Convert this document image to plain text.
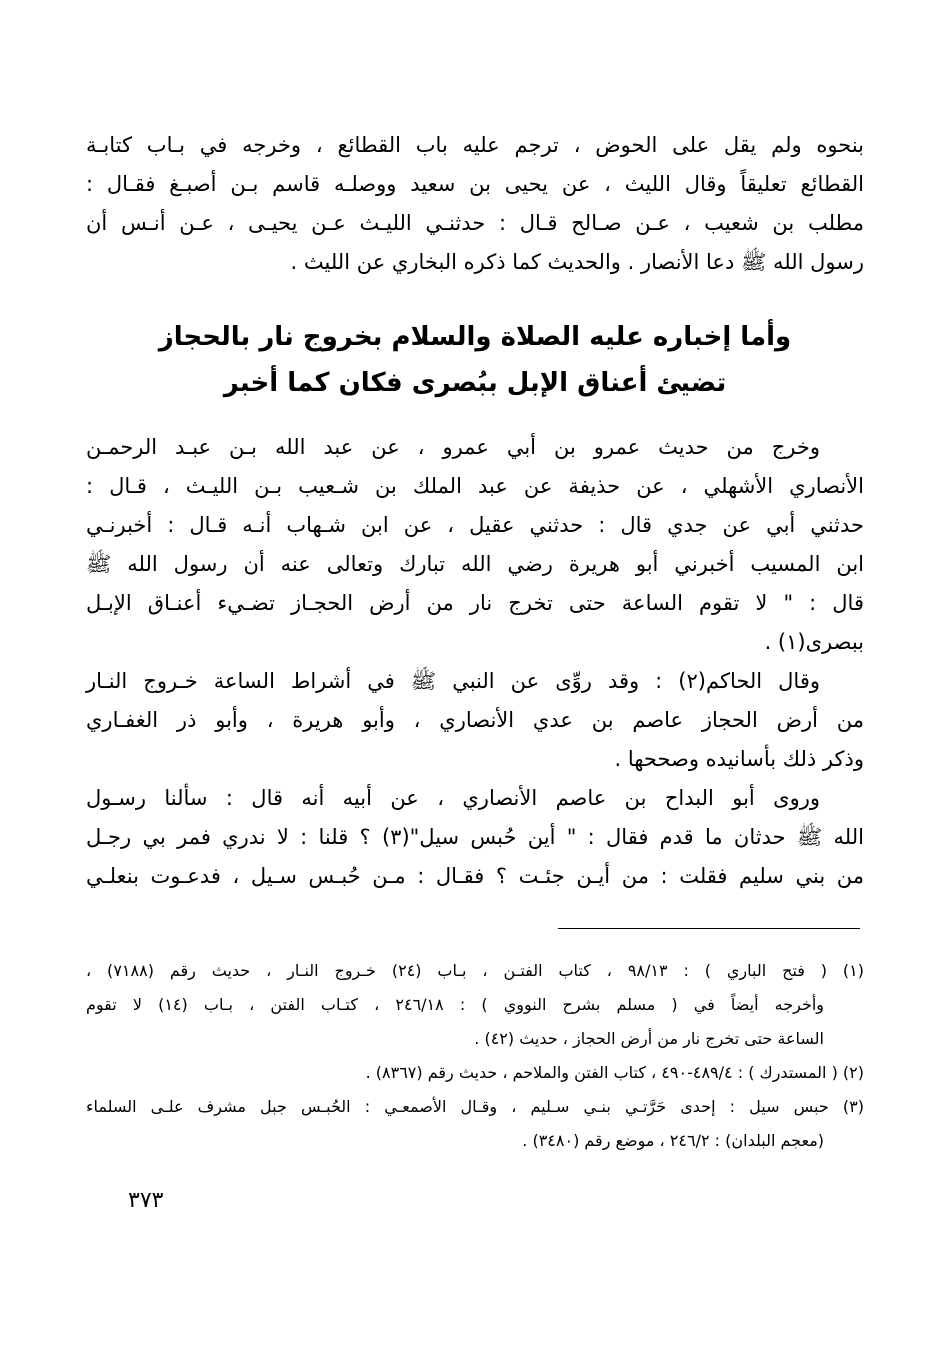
بنحوه ولم يقل على الحوض ، ترجم عليه باب القطائع ، وخرجه في بـاب كتابـة
القطائع تعليقاً وقال الليث ، عن يحيى بن سعيد ووصلـه قاسم بـن أصبـغ فقـال :
مطلب بن شعيب ، عـن صـالح قـال : حدثنـي الليـث عـن يحيـى ، عـن أنـس أن
رسول الله ﷺ دعا الأنصار . والحديث كما ذكره البخاري عن الليث .
وأما إخباره عليه الصلاة والسلام بخروج نار بالحجاز
تضيئ أعناق الإبل ببُصرى فكان كما أخبر
وخرج من حديث عمرو بن أبي عمرو ، عن عبد الله بـن عبـد الرحمـن
الأنصاري الأشهلي ، عن حذيفة عن عبد الملك بن شـعيب بـن الليـث ، قـال :
حدثني أبي عن جدي قال : حدثني عقيل ، عن ابن شـهاب أنـه قـال : أخبرنـي
ابن المسيب أخبرني أبو هريرة رضي الله تبارك وتعالى عنه أن رسول الله ﷺ
قال : " لا تقوم الساعة حتى تخرج نار من أرض الحجـاز تضـيء أعنـاق الإبـل
ببصرى(١) .
وقال الحاكم(٢) : وقد روِّى عن النبي ﷺ في أشراط الساعة خـروج النـار
من أرض الحجاز عاصم بن عدي الأنصاري ، وأبو هريرة ، وأبو ذر الغفـاري
وذكر ذلك بأسانيده وصححها .
وروى أبو البداح بن عاصم الأنصاري ، عن أبيه أنه قال : سألنا رسـول
الله ﷺ حدثان ما قدم فقال : " أين حُبس سيل"(٣) ؟ قلنا : لا ندري فمر بي رجـل
من بني سليم فقلت : من أيـن جئـت ؟ فقـال : مـن حُبـس سـيل ، فدعـوت بنعلـي
(١) ( فتح الباري ) : ٩٨/١٣ ، كتاب الفتـن ، بـاب (٢٤) خـروج النـار ، حديث رقم (٧١٨٨) ،
وأخرجه أيضاً في ( مسلم بشرح النووي ) : ٢٤٦/١٨ ، كتـاب الفتن ، بـاب (١٤) لا تقوم
الساعة حتى تخرج نار من أرض الحجاز ، حديث (٤٢) .
(٢) ( المستدرك ) : ٤٨٩/٤-٤٩٠ ، كتاب الفتن والملاحم ، حديث رقم (٨٣٦٧) .
(٣) حبس سيل : إحدى حَرَّتـي بنـي سـليم ، وقـال الأصمعـي : الحُبـس جبل مشرف علـى السلماء
(معجم البلدان) : ٢٤٦/٢ ، موضع رقم (٣٤٨٠) .
٣٧٣
